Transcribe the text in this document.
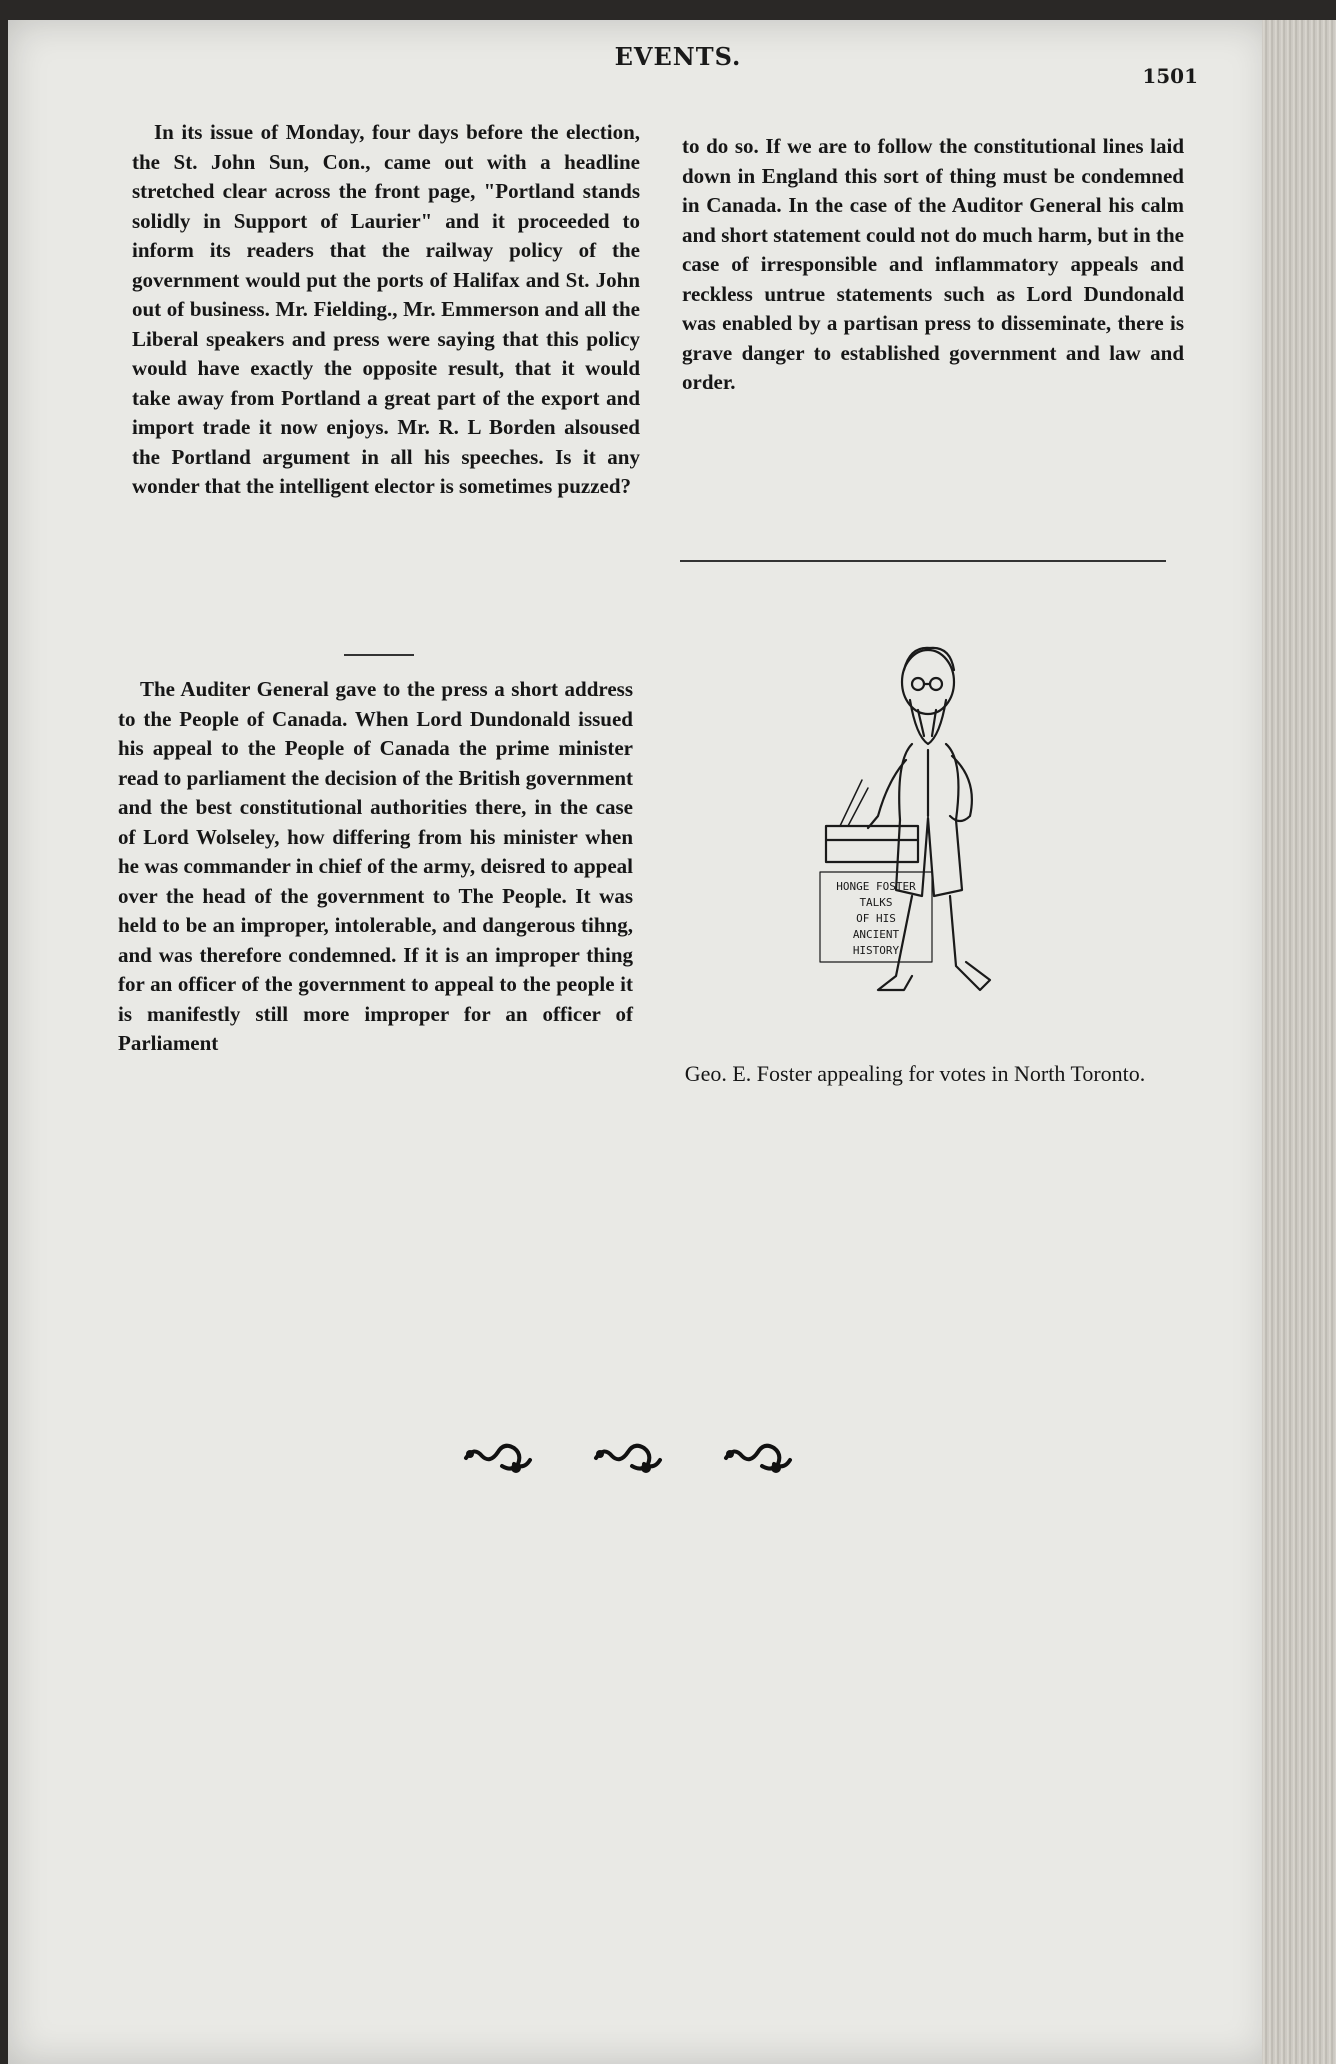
EVENTS.
1501

In its issue of Monday, four days before the election, the St. John Sun, Con., came out with a headline stretched clear across the front page, "Portland stands solidly in Support of Laurier" and it proceeded to inform its readers that the railway policy of the government would put the ports of Halifax and St. John out of business. Mr. Fielding., Mr. Emmerson and all the Liberal speakers and press were saying that this policy would have exactly the opposite result, that it would take away from Portland a great part of the export and import trade it now enjoys. Mr. R. L Borden alsoused the Portland argument in all his speeches. Is it any wonder that the intelligent elector is sometimes puzzed?

The Auditer General gave to the press a short address to the People of Canada. When Lord Dundonald issued his appeal to the People of Canada the prime minister read to parliament the decision of the British government and the best constitutional authorities there, in the case of Lord Wolseley, how differing from his minister when he was commander in chief of the army, deisred to appeal over the head of the government to The People. It was held to be an improper, intolerable, and dangerous tihng, and was therefore condemned. If it is an improper thing for an officer of the government to appeal to the people it is manifestly still more improper for an officer of Parliament

to do so. If we are to follow the constitutional lines laid down in England this sort of thing must be condemned in Canada. In the case of the Auditor General his calm and short statement could not do much harm, but in the case of irresponsible and inflammatory appeals and reckless untrue statements such as Lord Dundonald was enabled by a partisan press to disseminate, there is grave danger to established government and law and order.

HONGE FOSTER
TALKS
OF HIS
ANCIENT
HISTORY
Geo. E. Foster appealing for votes in North Toronto.
